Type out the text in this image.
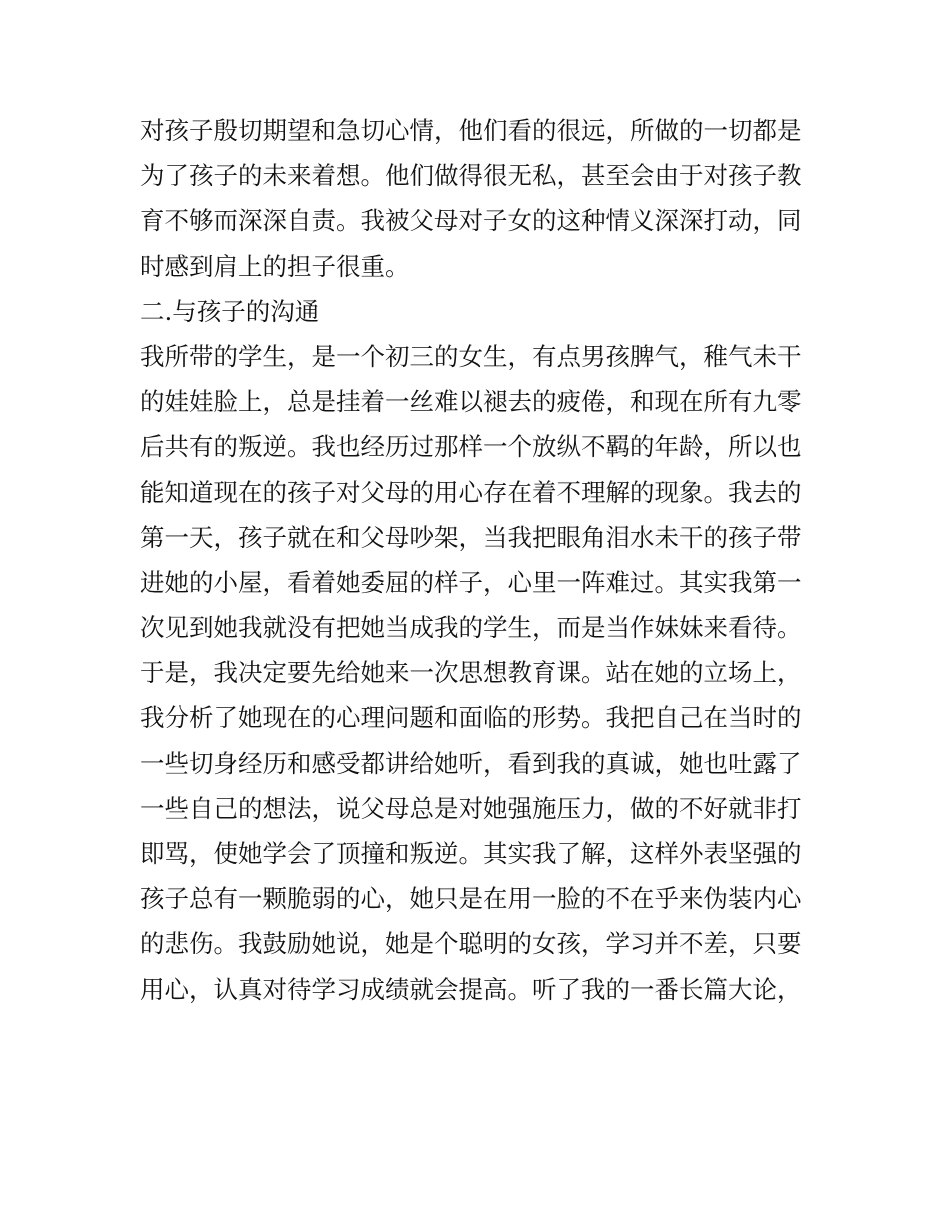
对孩子殷切期望和急切心情，他们看的很远，所做的一切都是
为了孩子的未来着想。他们做得很无私，甚至会由于对孩子教
育不够而深深自责。我被父母对子女的这种情义深深打动，同
时感到肩上的担子很重。
二.与孩子的沟通
我所带的学生，是一个初三的女生，有点男孩脾气，稚气未干
的娃娃脸上，总是挂着一丝难以褪去的疲倦，和现在所有九零
后共有的叛逆。我也经历过那样一个放纵不羁的年龄，所以也
能知道现在的孩子对父母的用心存在着不理解的现象。我去的
第一天，孩子就在和父母吵架，当我把眼角泪水未干的孩子带
进她的小屋，看着她委屈的样子，心里一阵难过。其实我第一
次见到她我就没有把她当成我的学生，而是当作妹妹来看待。
于是，我决定要先给她来一次思想教育课。站在她的立场上，
我分析了她现在的心理问题和面临的形势。我把自己在当时的
一些切身经历和感受都讲给她听，看到我的真诚，她也吐露了
一些自己的想法，说父母总是对她强施压力，做的不好就非打
即骂，使她学会了顶撞和叛逆。其实我了解，这样外表坚强的
孩子总有一颗脆弱的心，她只是在用一脸的不在乎来伪装内心
的悲伤。我鼓励她说，她是个聪明的女孩，学习并不差，只要
用心，认真对待学习成绩就会提高。听了我的一番长篇大论，
